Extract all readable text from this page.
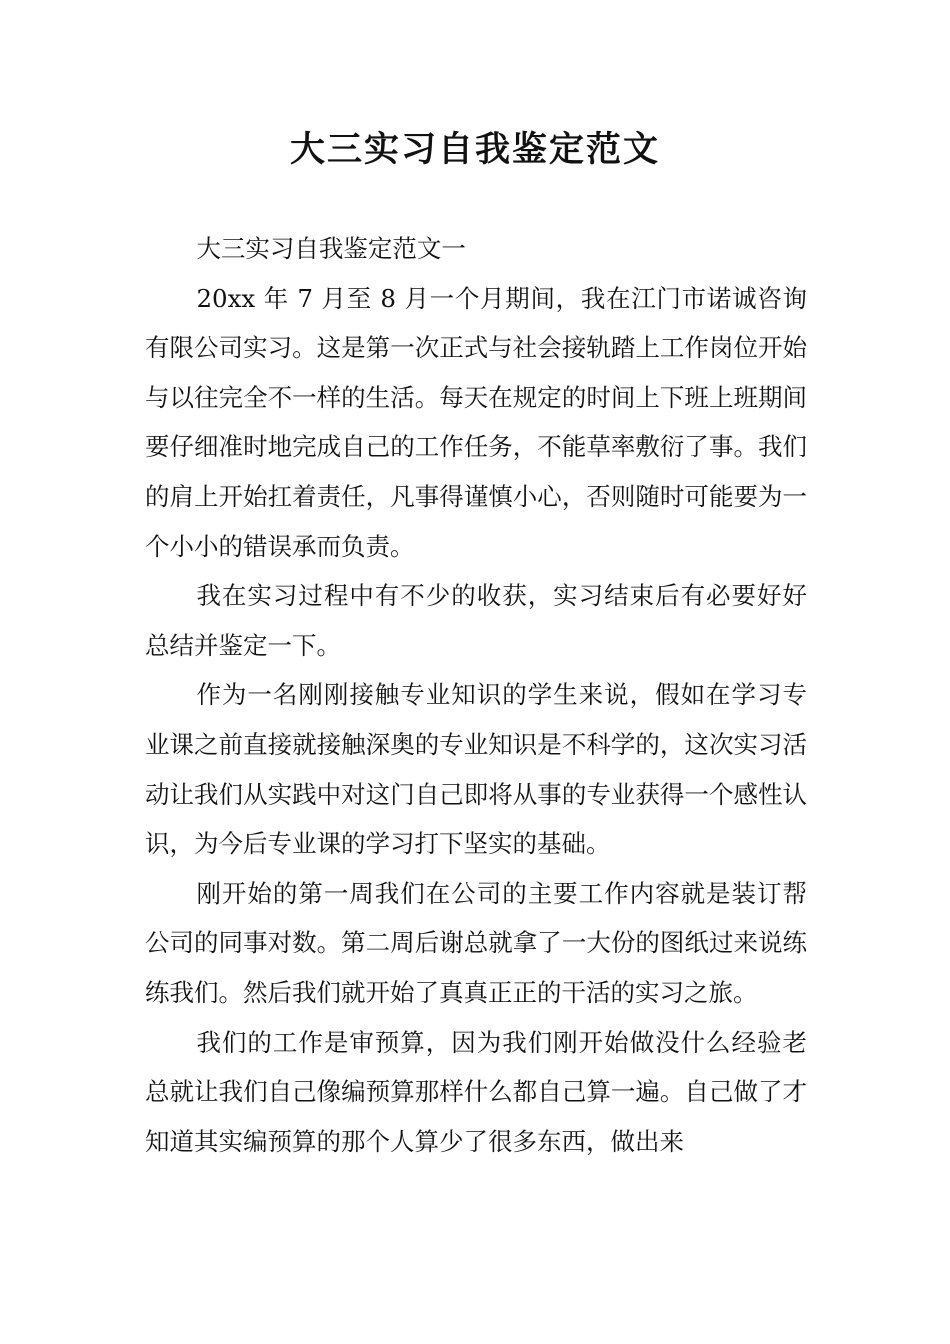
大三实习自我鉴定范文

大三实习自我鉴定范文一

20xx 年 7 月至 8 月一个月期间，我在江门市诺诚咨询有限公司实习。这是第一次正式与社会接轨踏上工作岗位开始与以往完全不一样的生活。每天在规定的时间上下班上班期间 要仔细准时地完成自己的工作任务，不能草率敷衍了事。我们的肩上开始扛着责任，凡事得谨慎小心，否则随时可能要为一个小小的错误承而负责。

我在实习过程中有不少的收获，实习结束后有必要好好总结并鉴定一下。

作为一名刚刚接触专业知识的学生来说，假如在学习专业课之前直接就接触深奥的专业知识是不科学的，这次实习活动让我们从实践中对这门自己即将从事的专业获得一个感性认识，为今后专业课的学习打下坚实的基础。

刚开始的第一周我们在公司的主要工作内容就是装订帮公司的同事对数。第二周后谢总就拿了一大份的图纸过来说练练我们。然后我们就开始了真真正正的干活的实习之旅。

我们的工作是审预算，因为我们刚开始做没什么经验老总就让我们自己像编预算那样什么都自己算一遍。自己做了才知道其实编预算的那个人算少了很多东西，做出来
